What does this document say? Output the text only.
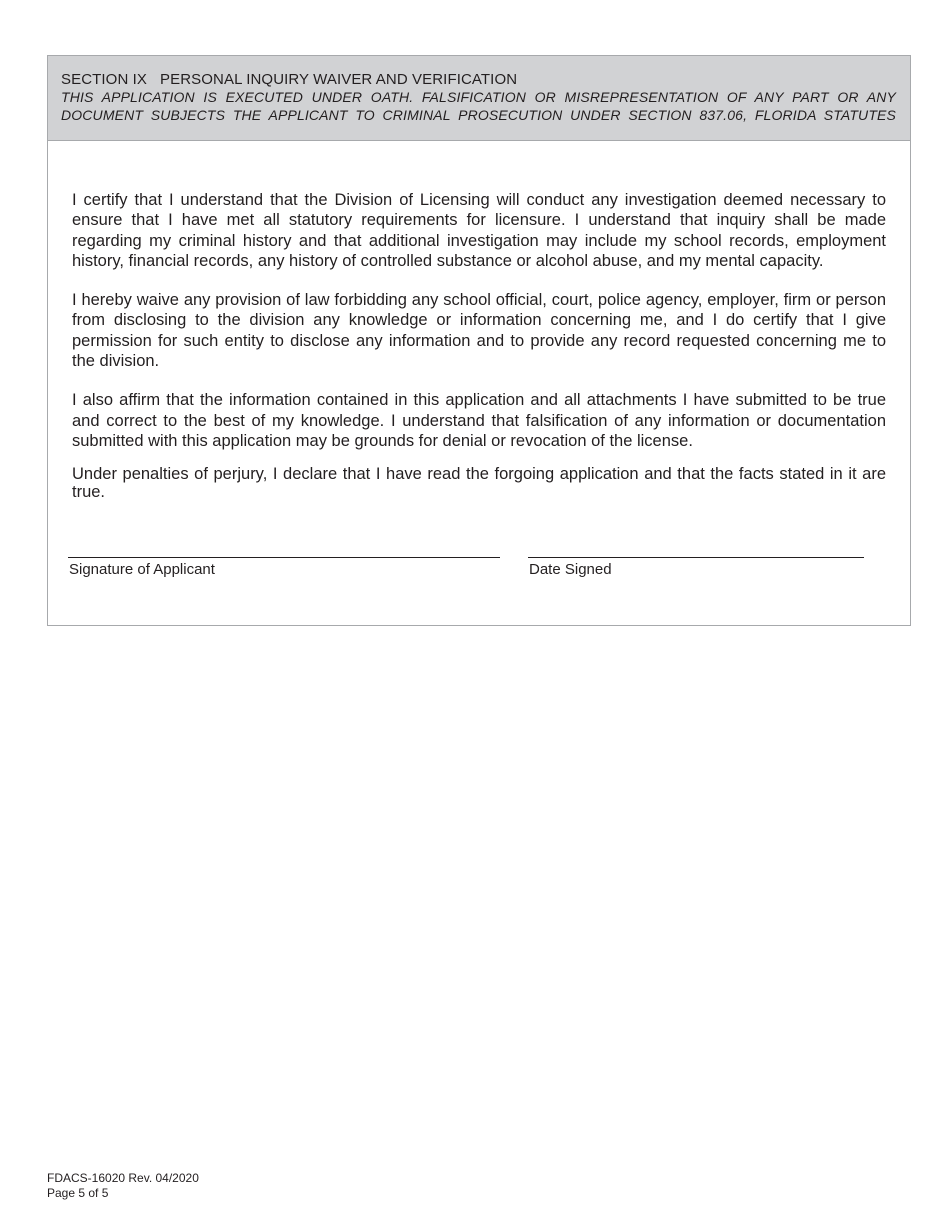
SECTION IX PERSONAL INQUIRY WAIVER AND VERIFICATION
THIS APPLICATION IS EXECUTED UNDER OATH. FALSIFICATION OR MISREPRESENTATION OF ANY PART OR ANY
DOCUMENT SUBJECTS THE APPLICANT TO CRIMINAL PROSECUTION UNDER SECTION 837.06, FLORIDA STATUTES

I certify that I understand that the Division of Licensing will conduct any investigation deemed necessary to ensure that I have met all statutory requirements for licensure. I understand that inquiry shall be made regarding my criminal history and that additional investigation may include my school records, employment history, financial records, any history of controlled substance or alcohol abuse, and my mental capacity.

I hereby waive any provision of law forbidding any school official, court, police agency, employer, firm or person from disclosing to the division any knowledge or information concerning me, and I do certify that I give permission for such entity to disclose any information and to provide any record requested concerning me to the division.

I also affirm that the information contained in this application and all attachments I have submitted to be true and correct to the best of my knowledge. I understand that falsification of any information or documentation submitted with this application may be grounds for denial or revocation of the license.

Under penalties of perjury, I declare that I have read the forgoing application and that the facts stated in it are true.

Signature of Applicant	Date Signed
FDACS-16020 Rev. 04/2020
Page 5 of 5
